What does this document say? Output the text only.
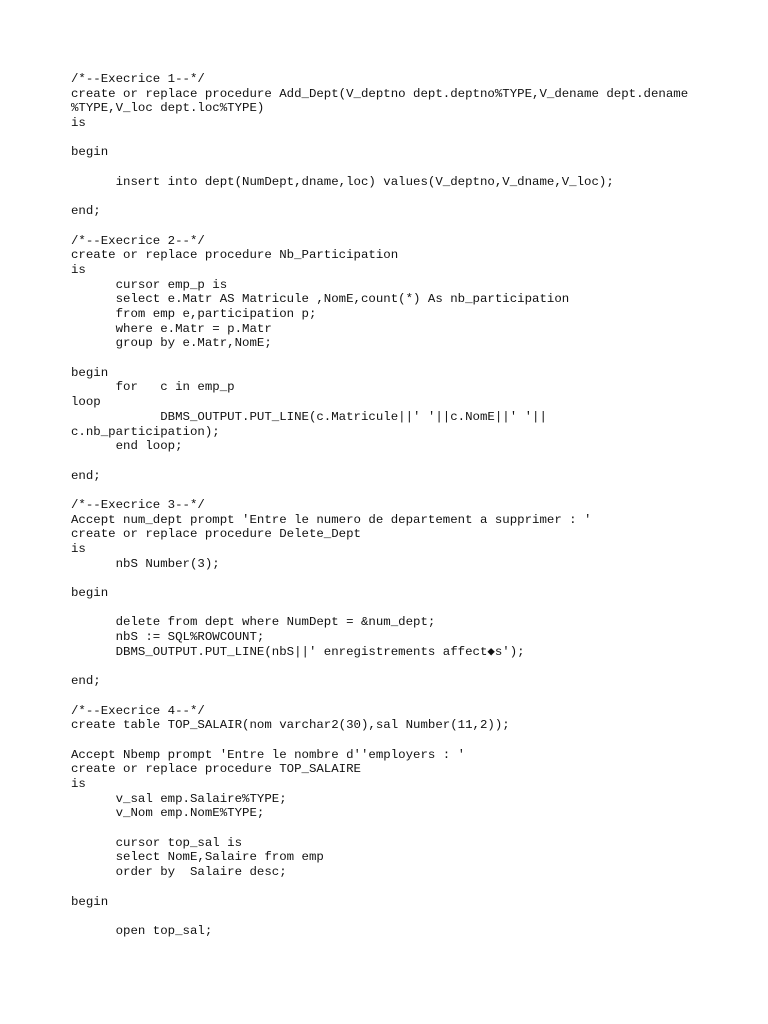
/*--Execrice 1--*/
create or replace procedure Add_Dept(V_deptno dept.deptno%TYPE,V_dename dept.dename
%TYPE,V_loc dept.loc%TYPE)
is
begin
insert into dept(NumDept,dname,loc) values(V_deptno,V_dname,V_loc);
end;
/*--Execrice 2--*/
create or replace procedure Nb_Participation
is
cursor emp_p is
select e.Matr AS Matricule ,NomE,count(*) As nb_participation
from emp e,participation p;
where e.Matr = p.Matr
group by e.Matr,NomE;
begin
for   c in emp_p
loop
DBMS_OUTPUT.PUT_LINE(c.Matricule||' '||c.NomE||' '||
c.nb_participation);
end loop;
end;
/*--Execrice 3--*/
Accept num_dept prompt 'Entre le numero de departement a supprimer : '
create or replace procedure Delete_Dept
is
nbS Number(3);
begin
delete from dept where NumDept = &num_dept;
nbS := SQL%ROWCOUNT;
DBMS_OUTPUT.PUT_LINE(nbS||' enregistrements affect◆s');
end;
/*--Execrice 4--*/
create table TOP_SALAIR(nom varchar2(30),sal Number(11,2));
Accept Nbemp prompt 'Entre le nombre d''employers : '
create or replace procedure TOP_SALAIRE
is
v_sal emp.Salaire%TYPE;
v_Nom emp.NomE%TYPE;
cursor top_sal is
select NomE,Salaire from emp
order by  Salaire desc;
begin
open top_sal;
